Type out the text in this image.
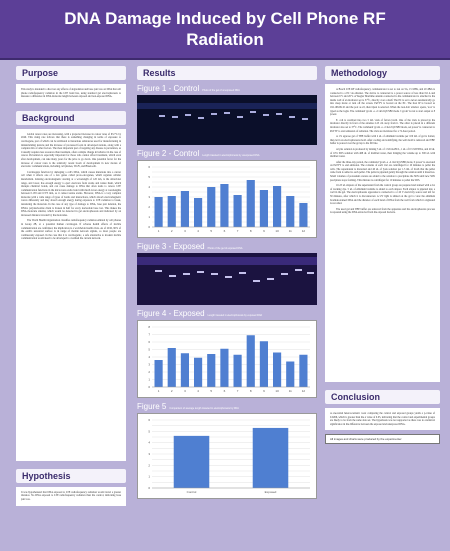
DNA Damage Induced by Cell Phone RF
Radiation
Purpose
This study is intended to discover any effects of degradation and base pair loss on DNA that cell phone radiofrequency radiation in the LTE band has, using standard gel electrophoresis to measure a difference in DNA molecule length between exposed and non-exposed DNA.
Background

Global cancer rates are increasing, with a projected increase in cancer rates of 63.7% by 2040. This rising rate follows that there is something changing in terms of exposure to carcinogens, part of which can be attributed to hazardous substances used for manufacturing in industrializing nations and the increase of processed foods in developed nations, along with a complex mix of other factors. The most important part of targeting any disease is prevention, as it usually requires less resources than treatment, often a simple change in behavior in the case of cancer. Prevention is especially important for those who cannot afford treatment, which even after development, can take many years for the price to go down. One potential factor for the increase of cancer rates is the relatively recent boom of development in new modes of electronic communications, including cell phones, Wi-Fi, and Bluetooth.

Carcinogens function by damaging a cell's DNA, which causes mutations into a cancer cell when it affects one of a few genes called proto-oncogenes, which regulate cellular metabolism. Ionizing electromagnetic starting at a wavelength of 120 nm, is the ultraviolet range, and lower, has enough energy to eject electrons from atoms and ionize them, which disrupts chemical bonds, and can cause damage to DNA that often leads to cancer. LTE communication functions in the microwave-radio band with much lower energy at wavelengths between 0.158 and 0.375 mm, so it cannot ionize atoms. However, DNA is a very complex molecule with a wide range of types of bonds and interactions, which absorb electromagnetic waves differently and may absorb enough energy during exposure to LTE radiation to break, denaturing the molecule. In the case of any type of damage to DNA, base pair deletion, the DNA's polynucleotide chain is broken in half for every nucleotide base lost. This makes the DNA molecule smaller, which would be detected in gel electrophoresis and indicated by an increased distance traveled by the molecules.

The World Health Organization classifies radiofrequency radiation emitted by cell phones in Group 2B, or a potential human carcinogen. If adverse health effects of mobile communication are confirmed, the implication is a worldwide health crisis. As of 2016, 90% of the earth's terrestrial surface is in range of mobile network signals, so most people are continuously exposed. In the case that it is carcinogenic, a safe alternative to modern mobile communication would need to be developed to overhaul the current network.

Hypothesis
It was hypothesized that DNA exposed to LTE radiofrequency radiation would travel a greater distance. No DNA exposed to LTE radiofrequency radiation than the control, indicating base pair loss.
Results
Figure 1 - Control Photo of the gel of unexposed DNA
Figure 2 - Control Length traveled in electrophoresis by unexposed DNA
0
1
2
3
4
5
6
1	2	3	4	5	6	7	8	9	10	11	12
Figure 3 - Exposed Photo of the gel of exposed DNA
Figure 4 - Exposed Length traveled in electrophoresis by exposed DNA
0
1
2
3
4
5
6
7
8
1	2	3	4	5	6	7	8	9	10	11	12
Figure 5 Comparison of average length traveled in electrophoresis by DNA
0
1
2
3
4
5
6
Control	Exposed
Methodology

A Bosch LTE RF radiofrequency communicator is set to run on 5G, 15 MHz, and 20 dBm is connected to a PC via ethernet. The device is connected to a power source of less than 0.6 A and between 9 V and 26 V. A Yaegler Maritime antenna connected to the communicator is attached to the inside wall of an incubator set to 37°C, directly over a shelf. The PC is set to never automatically go into sleep mode or turn off the screen. PuTTY is booted on the PC. The host IP is booted as 192.168.99.10 and the port as 22, then Open is selected. When the non-bolt window opens, 'root' is typed as the login. The command 'gcom -a -d /dev/ttyUSB0 mode /l gcom' is run to start output at 8 power.

E. coli is swabbed into two 5 mL vials of falcon broth. One of the vials is placed in the incubator directly in front of the antenna 2.25 cm away from it. The other is placed in a different incubator also set to 37°C. The command 'gcom -a -d /dev/ttyUSB0 mode, set power' is connected to PuTTY to start emission of radiation. The vials are incubated for a 72-hour period.

A 1% agarose gel of TBE buffer with 2 uL of ethidium bromide per 100 mL of gel is boiled, then let in an electrophoresis mold. After cooling and solidifying, the well mold is removed and TBE buffer is poured over the gel up to the fill line.

A lysis solution is produced by mixing 5 uL of 1 M tris-HCL, 1 uL of 0.5 M EDTA, and 20 uL of 10% SDS solution with 468 uL of distilled water, then bringing the volume up to 500 uL with distilled water.

After the three-day period, the command 'gcom -a -d /dev/ttyUSB0 mode, 0 power' is executed on PuTTY to end emission. The contents of each vial are centrifuged for 10 minutes to pellet the cells. The supernatant is discarded and 40 uL of lysis solution per 1.5 mL of broth that the pellet came from is added to each pellet. The pellet is pipetted gently through the solution until it dissolves. Small volumes of potassium acetate are added to the solution to precipitate the SDS until new SDS precipitate stops forming. This mixture is centrifuged for 10 minutes to pellet the SDS.

10-25 uL aliquots of the supernatant from the control group are prepared and stained with a dot of tracking dye. 5 uL of ethidium bromide is added to each aliquot. Each aliquot is pipetted into a well in the gel. The electrophoresis apparatus is connected to a 110 V electricity source and left for 30 minutes, after which it is disconnected. A UV light is shined on the gel to view the ethidium bromide-stained DNA and the distance of each band of DNA from the well from which it originated is recorded.

The used gel and TBE buffer are removed from the apparatus and the electrophoresis process is repeated using the DNA extracted from the exposed bacteria.

Conclusion
A one-tailed heteroscedastic t-test comparing the control and exposed groups yields a p-value of 0.0266, which is greater than the α value of 0.05, indicating that the control and experimental groups are likely to be from the same data set. The hypothesis was not supported as there was no statistical significance in the difference between the exposed and unexposed DNA.
All images and charts were produced by the experimenter
